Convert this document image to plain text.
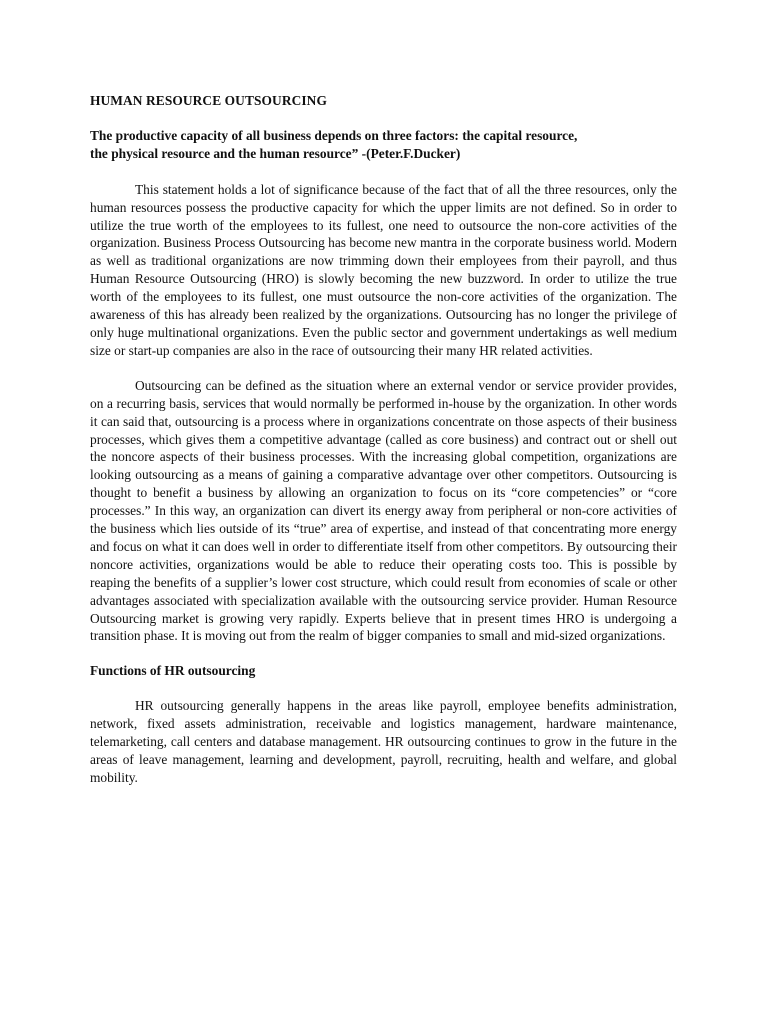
HUMAN RESOURCE OUTSOURCING
The productive capacity of all business depends on three factors: the capital resource,
the physical resource and the human resource” -(Peter.F.Ducker)

This statement holds a lot of significance because of the fact that of all the three resources, only the human resources possess the productive capacity for which the upper limits are not defined. So in order to utilize the true worth of the employees to its fullest, one need to outsource the non-core activities of the organization. Business Process Outsourcing has become new mantra in the corporate business world. Modern as well as traditional organizations are now trimming down their employees from their payroll, and thus Human Resource Outsourcing (HRO) is slowly becoming the new buzzword. In order to utilize the true worth of the employees to its fullest, one must outsource the non-core activities of the organization. The awareness of this has already been realized by the organizations. Outsourcing has no longer the privilege of only huge multinational organizations. Even the public sector and government undertakings as well medium size or start-up companies are also in the race of outsourcing their many HR related activities.

Outsourcing can be defined as the situation where an external vendor or service provider provides, on a recurring basis, services that would normally be performed in-house by the organization. In other words it can said that, outsourcing is a process where in organizations concentrate on those aspects of their business processes, which gives them a competitive advantage (called as core business) and contract out or shell out the noncore aspects of their business processes. With the increasing global competition, organizations are looking outsourcing as a means of gaining a comparative advantage over other competitors. Outsourcing is thought to benefit a business by allowing an organization to focus on its “core competencies” or “core processes.” In this way, an organization can divert its energy away from peripheral or non-core activities of the business which lies outside of its “true” area of expertise, and instead of that concentrating more energy and focus on what it can does well in order to differentiate itself from other competitors. By outsourcing their noncore activities, organizations would be able to reduce their operating costs too. This is possible by reaping the benefits of a supplier’s lower cost structure, which could result from economies of scale or other advantages associated with specialization available with the outsourcing service provider. Human Resource Outsourcing market is growing very rapidly. Experts believe that in present times HRO is undergoing a transition phase. It is moving out from the realm of bigger companies to small and mid-sized organizations.

Functions of HR outsourcing

HR outsourcing generally happens in the areas like payroll, employee benefits administration, network, fixed assets administration, receivable and logistics management, hardware maintenance, telemarketing, call centers and database management. HR outsourcing continues to grow in the future in the areas of leave management, learning and development, payroll, recruiting, health and welfare, and global mobility.
